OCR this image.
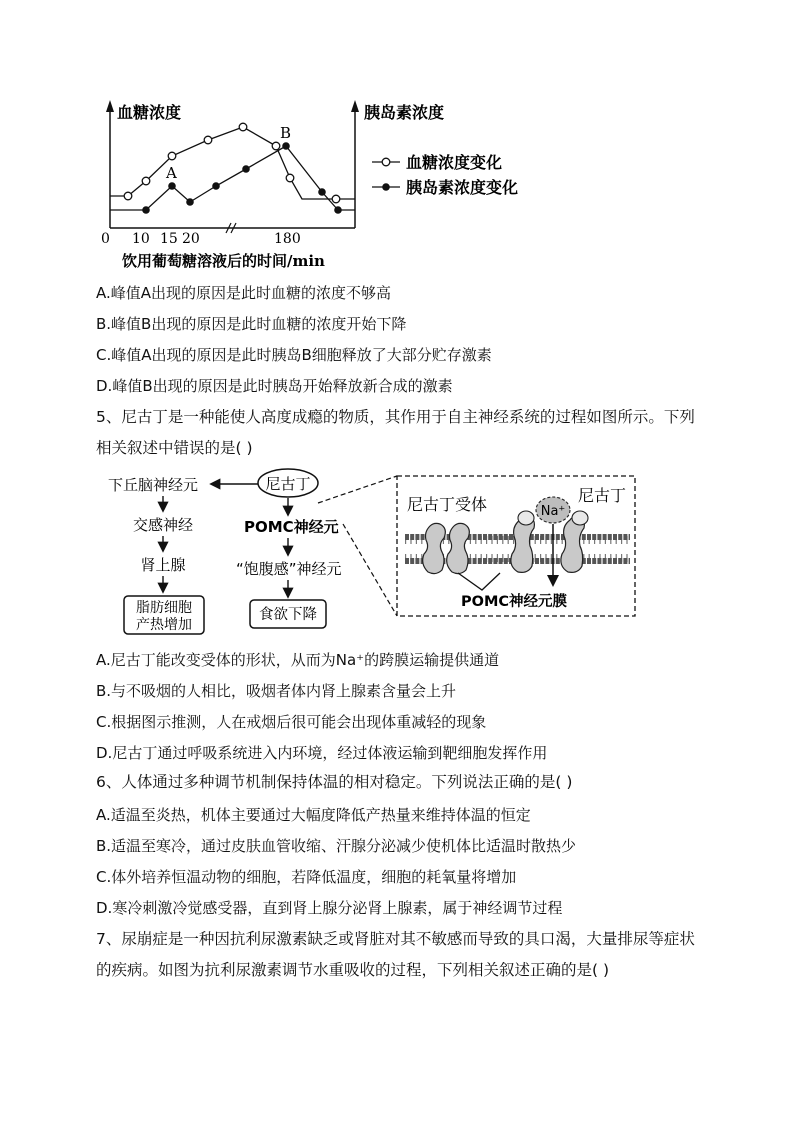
血糖浓度	胰岛素浓度
0 10 15 20	180
饮用葡萄糖溶液后的时间/min
A
B
血糖浓度变化
胰岛素浓度变化
A.峰值A出现的原因是此时血糖的浓度不够高
B.峰值B出现的原因是此时血糖的浓度开始下降
C.峰值A出现的原因是此时胰岛B细胞释放了大部分贮存激素
D.峰值B出现的原因是此时胰岛开始释放新合成的激素
5、尼古丁是一种能使人高度成瘾的物质，其作用于自主神经系统的过程如图所示。下列相关叙述中错误的是( )
尼古丁
下丘脑神经元
交感神经
肾上腺
脂肪细胞
产热增加
POMC神经元
“饱腹感”神经元
食欲下降
Na⁺
尼古丁受体	尼古丁
POMC神经元膜
A.尼古丁能改变受体的形状，从而为Na⁺的跨膜运输提供通道
B.与不吸烟的人相比，吸烟者体内肾上腺素含量会上升
C.根据图示推测，人在戒烟后很可能会出现体重减轻的现象
D.尼古丁通过呼吸系统进入内环境，经过体液运输到靶细胞发挥作用
6、人体通过多种调节机制保持体温的相对稳定。下列说法正确的是( )
A.适温至炎热，机体主要通过大幅度降低产热量来维持体温的恒定
B.适温至寒冷，通过皮肤血管收缩、汗腺分泌减少使机体比适温时散热少
C.体外培养恒温动物的细胞，若降低温度，细胞的耗氧量将增加
D.寒冷刺激冷觉感受器，直到肾上腺分泌肾上腺素，属于神经调节过程
7、尿崩症是一种因抗利尿激素缺乏或肾脏对其不敏感而导致的具口渴，大量排尿等症状的疾病。如图为抗利尿激素调节水重吸收的过程，下列相关叙述正确的是( )
